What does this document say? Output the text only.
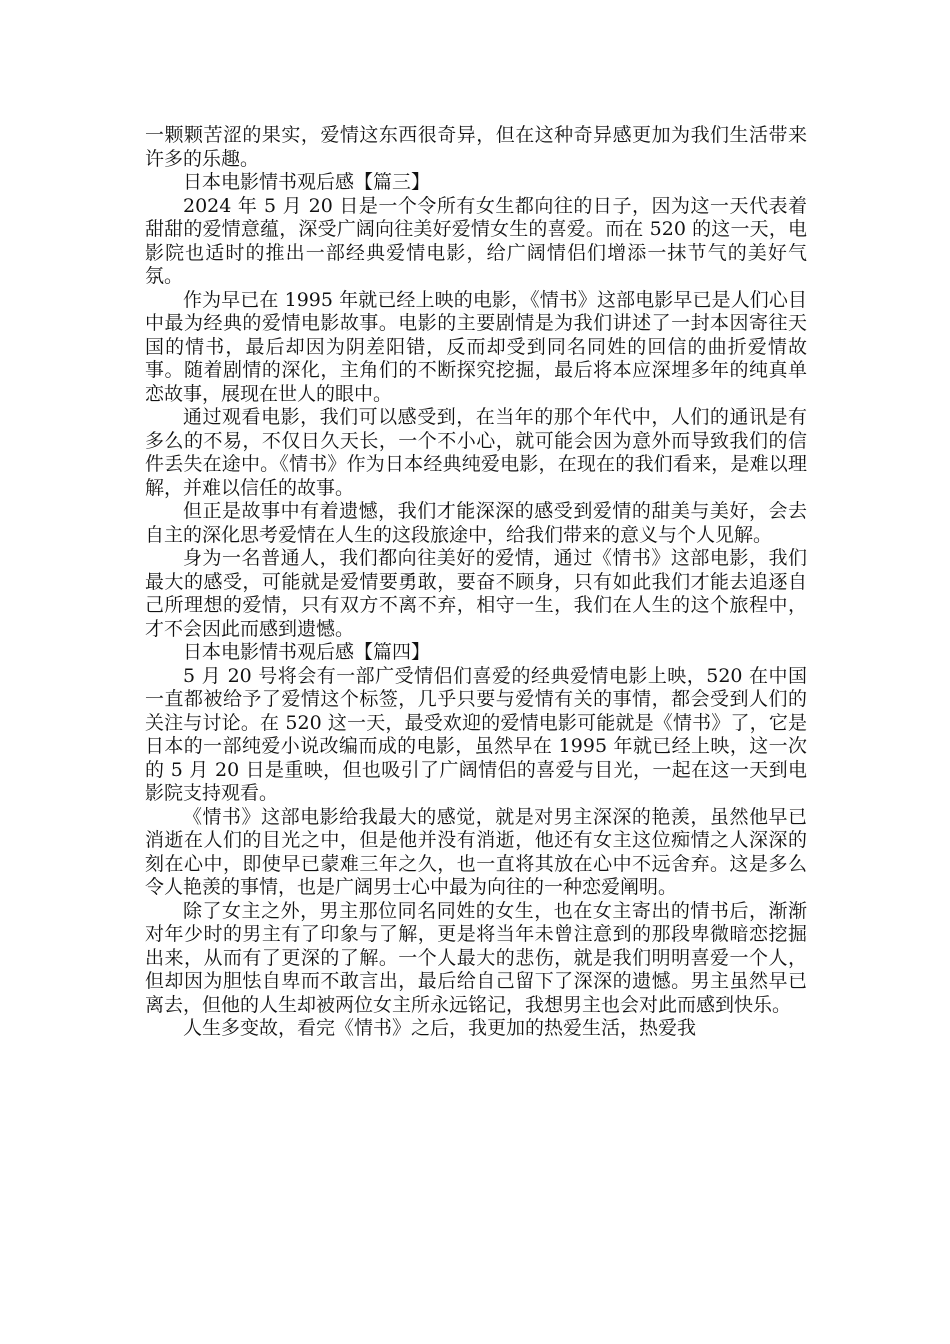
一颗颗苦涩的果实，爱情这东西很奇异，但在这种奇异感更加为我们生活带来许多的乐趣。

日本电影情书观后感【篇三】

2024 年 5 月 20 日是一个令所有女生都向往的日子，因为这一天代表着甜甜的爱情意蕴，深受广阔向往美好爱情女生的喜爱。而在 520 的这一天，电影院也适时的推出一部经典爱情电影，给广阔情侣们增添一抹节气的美好气氛。

作为早已在 1995 年就已经上映的电影，《情书》这部电影早已是人们心目中最为经典的爱情电影故事。电影的主要剧情是为我们讲述了一封本因寄往天国的情书，最后却因为阴差阳错，反而却受到同名同姓的回信的曲折爱情故事。随着剧情的深化，主角们的不断探究挖掘，最后将本应深埋多年的纯真单恋故事，展现在世人的眼中。

通过观看电影，我们可以感受到，在当年的那个年代中，人们的通讯是有多么的不易，不仅日久天长，一个不小心，就可能会因为意外而导致我们的信件丢失在途中。《情书》作为日本经典纯爱电影，在现在的我们看来，是难以理解，并难以信任的故事。

但正是故事中有着遗憾，我们才能深深的感受到爱情的甜美与美好，会去自主的深化思考爱情在人生的这段旅途中，给我们带来的意义与个人见解。

身为一名普通人，我们都向往美好的爱情，通过《情书》这部电影，我们最大的感受，可能就是爱情要勇敢，要奋不顾身，只有如此我们才能去追逐自己所理想的爱情，只有双方不离不弃，相守一生，我们在人生的这个旅程中，才不会因此而感到遗憾。

日本电影情书观后感【篇四】

5 月 20 号将会有一部广受情侣们喜爱的经典爱情电影上映，520 在中国一直都被给予了爱情这个标签，几乎只要与爱情有关的事情，都会受到人们的关注与讨论。在 520 这一天，最受欢迎的爱情电影可能就是《情书》了，它是日本的一部纯爱小说改编而成的电影，虽然早在 1995 年就已经上映，这一次的 5 月 20 日是重映，但也吸引了广阔情侣的喜爱与目光，一起在这一天到电影院支持观看。

《情书》这部电影给我最大的感觉，就是对男主深深的艳羡，虽然他早已消逝在人们的目光之中，但是他并没有消逝，他还有女主这位痴情之人深深的刻在心中，即使早已蒙难三年之久，也一直将其放在心中不远舍弃。这是多么令人艳羡的事情，也是广阔男士心中最为向往的一种恋爱阐明。

除了女主之外，男主那位同名同姓的女生，也在女主寄出的情书后，渐渐对年少时的男主有了印象与了解，更是将当年未曾注意到的那段卑微暗恋挖掘出来，从而有了更深的了解。一个人最大的悲伤，就是我们明明喜爱一个人，但却因为胆怯自卑而不敢言出，最后给自己留下了深深的遗憾。男主虽然早已离去，但他的人生却被两位女主所永远铭记，我想男主也会对此而感到快乐。

人生多变故，看完《情书》之后，我更加的热爱生活，热爱我
